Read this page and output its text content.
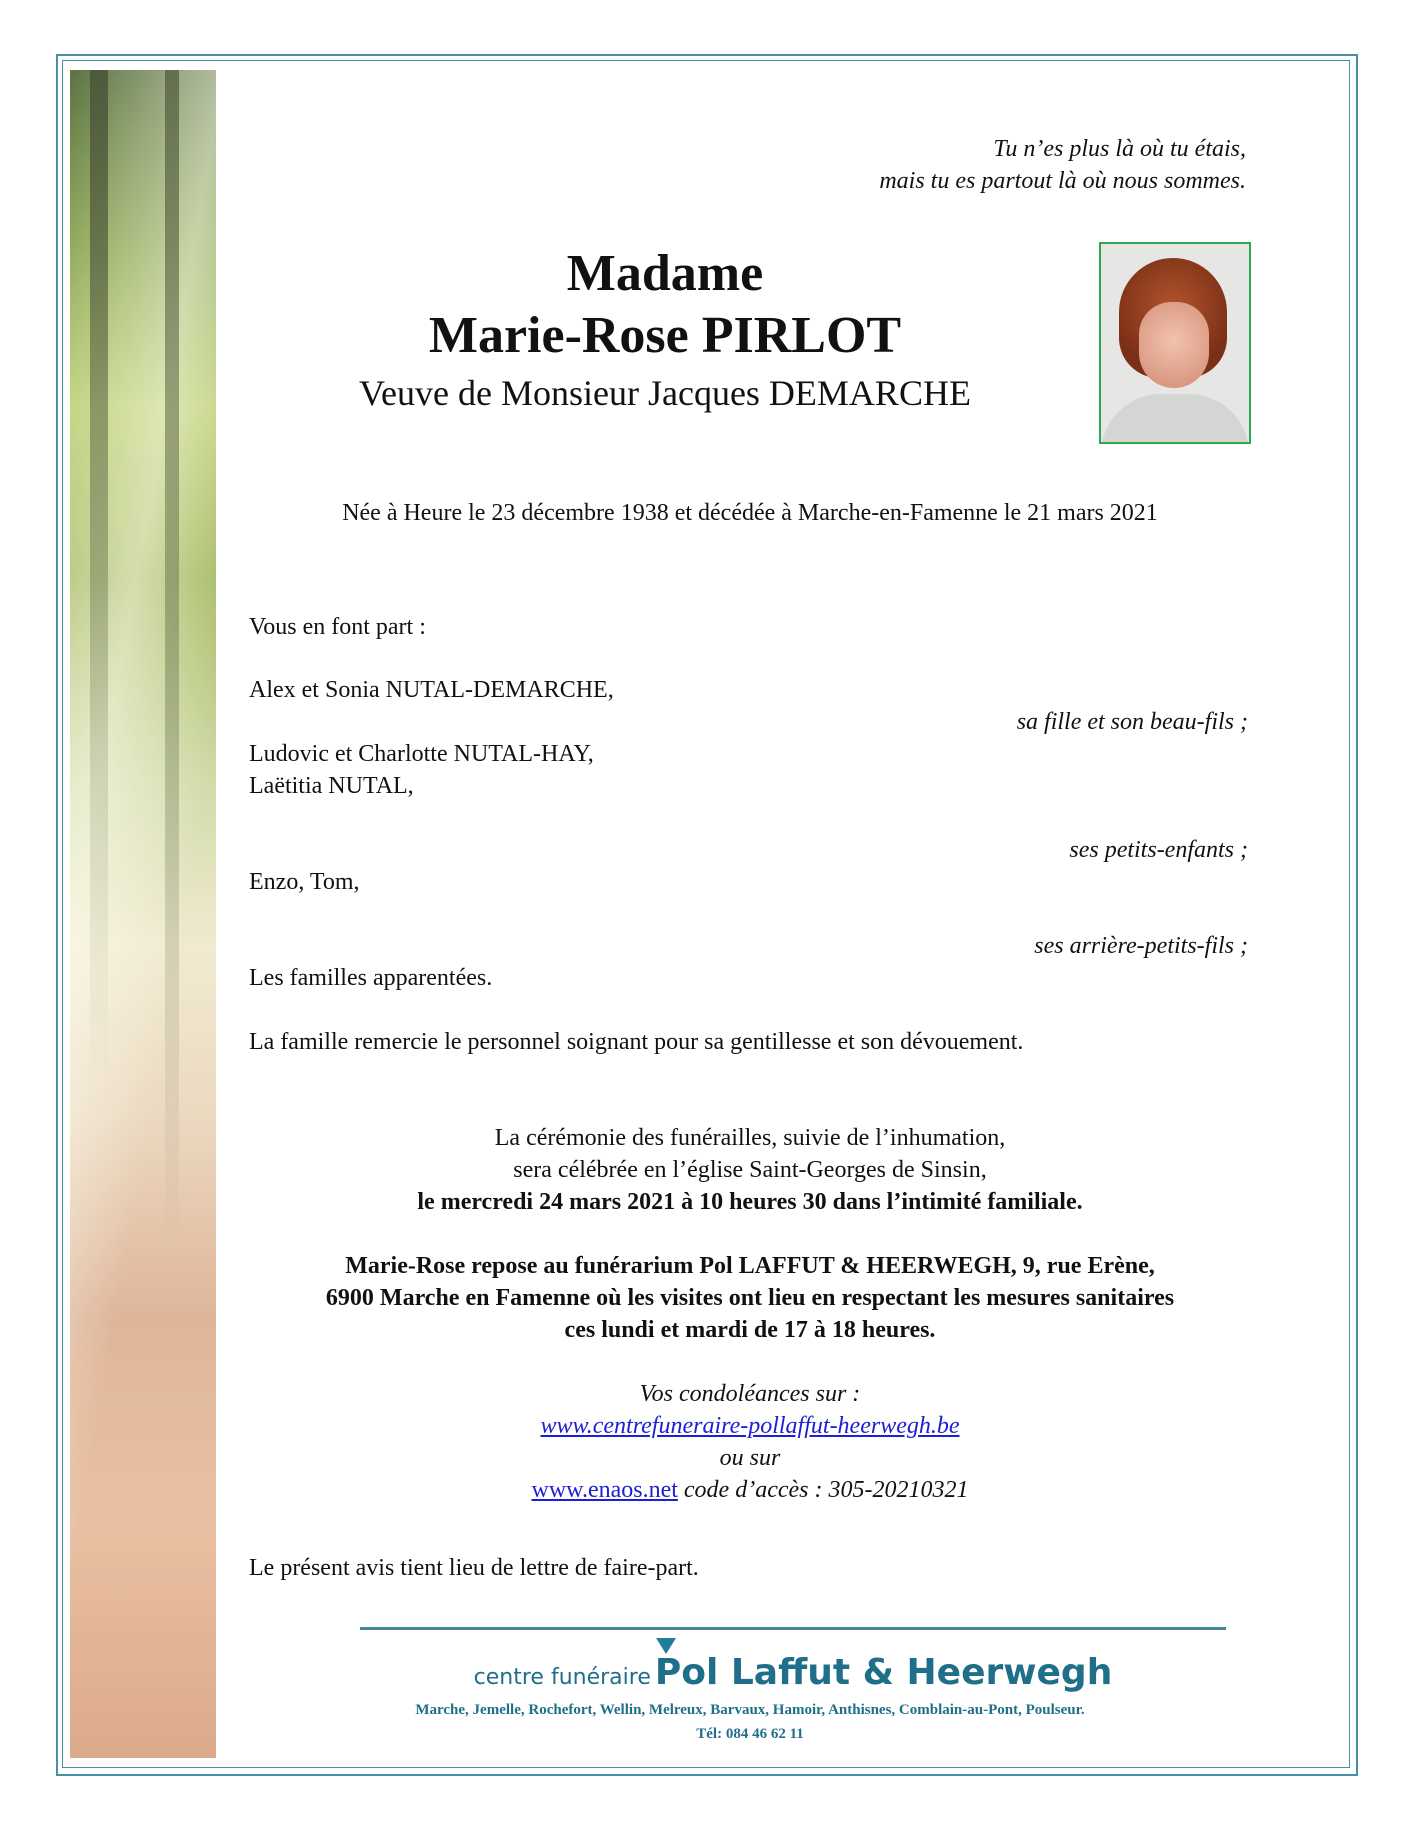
Tu n’es plus là où tu étais,
mais tu es partout là où nous sommes.
Madame
Marie-Rose PIRLOT
Veuve de Monsieur Jacques DEMARCHE
Née à Heure le 23 décembre 1938 et décédée à Marche-en-Famenne le 21 mars 2021
Vous en font part :
Alex et Sonia NUTAL-DEMARCHE,
sa fille et son beau-fils ;
Ludovic et Charlotte NUTAL-HAY,
Laëtitia NUTAL,
ses petits-enfants ;
Enzo, Tom,
ses arrière-petits-fils ;
Les familles apparentées.
La famille remercie le personnel soignant pour sa gentillesse et son dévouement.
La cérémonie des funérailles, suivie de l’inhumation,
sera célébrée en l’église Saint-Georges de Sinsin,
le mercredi 24 mars 2021 à 10 heures 30 dans l’intimité familiale.
Marie-Rose repose au funérarium Pol LAFFUT & HEERWEGH, 9, rue Erène,
6900 Marche en Famenne où les visites ont lieu en respectant les mesures sanitaires
ces lundi et mardi de 17 à 18 heures.
Vos condoléances sur :
www.centrefuneraire-pollaffut-heerwegh.be
ou sur
www.enaos.net code d’accès : 305-20210321
Le présent avis tient lieu de lettre de faire-part.
centre funéraire Pol Laffut & Heerwegh
Marche, Jemelle, Rochefort, Wellin, Melreux, Barvaux, Hamoir, Anthisnes, Comblain-au-Pont, Poulseur.
Tél: 084 46 62 11
